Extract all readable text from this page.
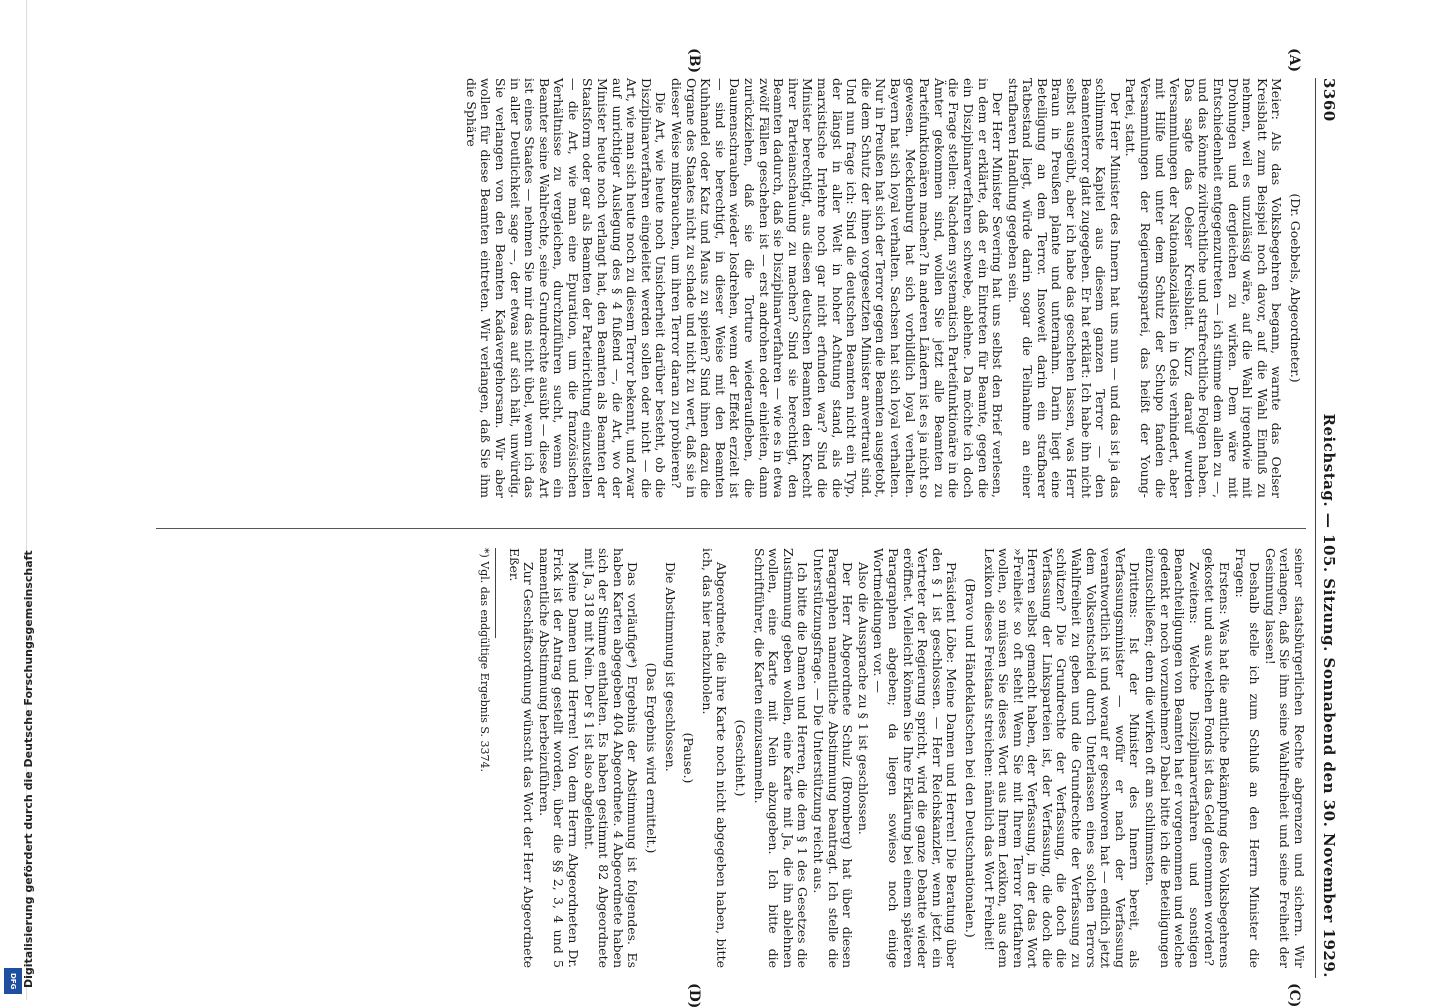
Digitalisierung gefördert durch die Deutsche Forschungsgemeinschaft
DFG
3360
Reichstag. — 105. Sitzung. Sonnabend den 30. November 1929.
(A)
(B)
(C)
(D)

(Dr. Goebbels, Abgeordneter.)

Meier: Als das Volksbegehren begann, warnte das Oelser Kreisblatt zum Beispiel noch davor, auf die Wahl Einfluß zu nehmen, weil es unzulässig wäre, auf die Wahl irgendwie mit Drohungen und dergleichen zu wirken. Dem wäre mit Entschiedenheit entgegenzutreten — ich stimme dem allen zu —, und das könnte zivilrechtliche und strafrechtliche Folgen haben. Das sagte das Oelser Kreisblatt. Kurz darauf wurden Versammlungen der Nationalsozialisten in Oels verhindert, aber mit Hilfe und unter dem Schutz der Schupo fanden die Versammlungen der Regierungspartei, das heißt der Young-Partei, statt.

Der Herr Minister des Innern hat uns nun — und das ist ja das schlimmste Kapitel aus diesem ganzen Terror — den Beamtenterror glatt zugegeben. Er hat erklärt: Ich habe ihn nicht selbst ausgeübt, aber ich habe das geschehen lassen, was Herr Braun in Preußen plante und unternahm. Darin liegt eine Beteiligung an dem Terror. Insoweit darin ein strafbarer Tatbestand liegt, würde darin sogar die Teilnahme an einer strafbaren Handlung gegeben sein.

Der Herr Minister Severing hat uns selbst den Brief verlesen, in dem er erklärte, daß er ein Eintreten für Beamte, gegen die ein Disziplinarverfahren schwebe, ablehne. Da möchte ich doch die Frage stellen: Nachdem systematisch Parteifunktionäre in die Ämter gekommen sind, wollen Sie jetzt alle Beamten zu Parteifunktionären machen? In anderen Ländern ist es ja nicht so gewesen. Mecklenburg hat sich vorbildlich loyal verhalten. Bayern hat sich loyal verhalten. Sachsen hat sich loyal verhalten. Nur in Preußen hat sich der Terror gegen die Beamten ausgetobt, die dem Schutz der ihnen vorgesetzten Minister anvertraut sind. Und nun frage ich: Sind die deutschen Beamten nicht ein Typ, der längst in aller Welt in hoher Achtung stand, als die marxistische Irrlehre noch gar nicht erfunden war? Sind die Minister berechtigt, aus diesen deutschen Beamten den Knecht ihrer Parteianschauung zu machen? Sind sie berechtigt, den Beamten dadurch, daß sie Disziplinarverfahren — wie es in etwa zwölf Fällen geschehen ist — erst androhen oder einleiten, dann zurückziehen, daß sie die Torture wiederaufleben, die Daumenschrauben wieder losdrehen, wenn der Effekt erzielt ist — sind sie berechtigt, in dieser Weise mit den Beamten Kuhhandel oder Katz und Maus zu spielen? Sind ihnen dazu die Organe des Staates nicht zu schade und nicht zu wert, daß sie in dieser Weise mißbrauchen, um ihren Terror daran zu probieren?

Die Art, wie heute noch Unsicherheit darüber besteht, ob die Disziplinarverfahren eingeleitet werden sollen oder nicht — die Art, wie man sich heute noch zu diesem Terror bekennt, und zwar auf unrichtiger Auslegung des § 4 fußend —, die Art, wo der Minister heute noch verlangt hat, den Beamten als Beamten der Staatsform oder gar als Beamten der Parteirichtung einzustellen — die Art, wie man eine Epuration, um die französischen Verhältnisse zu vergleichen, durchzuführen sucht, wenn ein Beamter seine Wahlrechte, seine Grundrechte ausübt — diese Art ist eines Staates — nehmen Sie mir das nicht übel, wenn ich das in aller Deutlichkeit sage —, der etwas auf sich hält, unwürdig. Sie verlangen von den Beamten Kadavergehorsam. Wir aber wollen für diese Beamten eintreten. Wir verlangen, daß Sie ihm die Sphäre

seiner staatsbürgerlichen Rechte abgrenzen und sichern. Wir verlangen, daß Sie ihm seine Wahlfreiheit und seine Freiheit der Gesinnung lassen!

Deshalb stelle ich zum Schluß an den Herrn Minister die Fragen:

Erstens: Was hat die amtliche Bekämpfung des Volksbegehrens gekostet und aus welchen Fonds ist das Geld genommen worden?

Zweitens: Welche Disziplinarverfahren und sonstigen Benachteiligungen von Beamten hat er vorgenommen und welche gedenkt er noch vorzunehmen? Dabei bitte ich die Beteiligungen einzuschließen; denn die wirken oft am schlimmsten.

Drittens: Ist der Minister des Innern bereit, als Verfassungsminister — wofür er nach der Verfassung verantwortlich ist und worauf er geschworen hat — endlich jetzt dem Volksentscheid durch Unterlassen eines solchen Terrors Wahlfreiheit zu geben und die Grundrechte der Verfassung zu schützen? Die Grundrechte der Verfassung, die doch die Verfassung der Linksparteien ist, der Verfassung, die doch die Herren selbst gemacht haben, der Verfassung, in der das Wort »Freiheit« so oft steht! Wenn Sie mit Ihrem Terror fortfahren wollen, so müssen Sie dieses Wort aus Ihrem Lexikon, aus dem Lexikon dieses Freistaats streichen: nämlich das Wort Freiheit!

(Bravo und Händeklatschen bei den Deutschnationalen.)

Präsident Löbe: Meine Damen und Herren! Die Beratung über den § 1 ist geschlossen. — Herr Reichskanzler, wenn jetzt ein Vertreter der Regierung spricht, wird die ganze Debatte wieder eröffnet. Vielleicht können Sie Ihre Erklärung bei einem späteren Paragraphen abgeben; da liegen sowieso noch einige Wortmeldungen vor. —

Also die Aussprache zu § 1 ist geschlossen.

Der Herr Abgeordnete Schulz (Bromberg) hat über diesen Paragraphen namentliche Abstimmung beantragt. Ich stelle die Unterstützungsfrage. — Die Unterstützung reicht aus.

Ich bitte die Damen und Herren, die dem § 1 des Gesetzes die Zustimmung geben wollen, eine Karte mit Ja, die ihn ablehnen wollen, eine Karte mit Nein abzugeben. Ich bitte die Schriftführer, die Karten einzusammeln.

(Geschieht.)

Abgeordnete, die ihre Karte noch nicht abgegeben haben, bitte ich, das hier nachzuholen.

(Pause.)

Die Abstimmung ist geschlossen.

(Das Ergebnis wird ermittelt.)

Das vorläufige*) Ergebnis der Abstimmung ist folgendes. Es haben Karten abgegeben 404 Abgeordnete. 4 Abgeordnete haben sich der Stimme enthalten. Es haben gestimmt 82 Abgeordnete mit Ja, 318 mit Nein. Der § 1 ist also abgelehnt.

Meine Damen und Herren! Von dem Herrn Abgeordneten Dr. Frick ist der Antrag gestellt worden, über die §§ 2, 3, 4 und 5 namentliche Abstimmung herbeizuführen.

Zur Geschäftsordnung wünscht das Wort der Herr Abgeordnete Eßer.

*) Vgl. das endgültige Ergebnis S. 3374.
